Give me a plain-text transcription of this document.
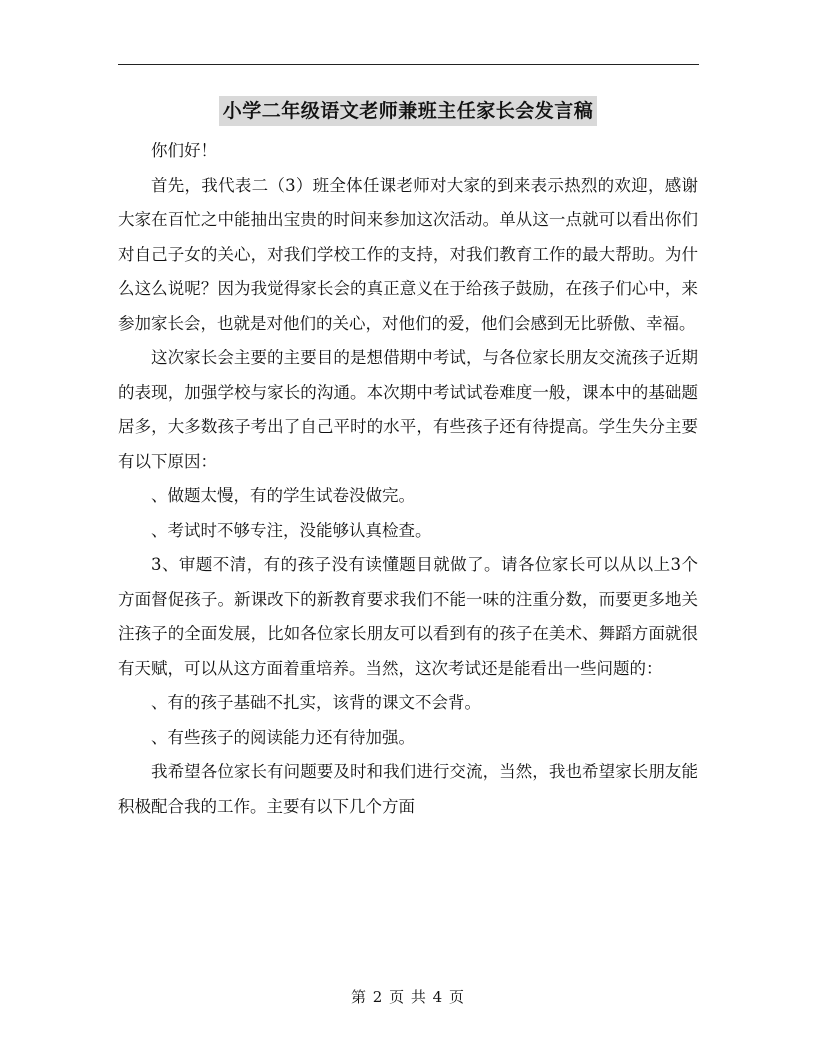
小学二年级语文老师兼班主任家长会发言稿

你们好！

首先，我代表二（3）班全体任课老师对大家的到来表示热烈的欢迎，感谢大家在百忙之中能抽出宝贵的时间来参加这次活动。单从这一点就可以看出你们对自己子女的关心，对我们学校工作的支持，对我们教育工作的最大帮助。为什么这么说呢？因为我觉得家长会的真正意义在于给孩子鼓励，在孩子们心中，来参加家长会，也就是对他们的关心，对他们的爱，他们会感到无比骄傲、幸福。

这次家长会主要的主要目的是想借期中考试，与各位家长朋友交流孩子近期的表现，加强学校与家长的沟通。本次期中考试试卷难度一般，课本中的基础题居多，大多数孩子考出了自己平时的水平，有些孩子还有待提高。学生失分主要有以下原因：

、做题太慢，有的学生试卷没做完。

、考试时不够专注，没能够认真检查。

3、审题不清，有的孩子没有读懂题目就做了。请各位家长可以从以上3个方面督促孩子。新课改下的新教育要求我们不能一味的注重分数，而要更多地关注孩子的全面发展，比如各位家长朋友可以看到有的孩子在美术、舞蹈方面就很有天赋，可以从这方面着重培养。当然，这次考试还是能看出一些问题的：

、有的孩子基础不扎实，该背的课文不会背。

、有些孩子的阅读能力还有待加强。

我希望各位家长有问题要及时和我们进行交流，当然，我也希望家长朋友能积极配合我的工作。主要有以下几个方面

第 2 页 共 4 页
